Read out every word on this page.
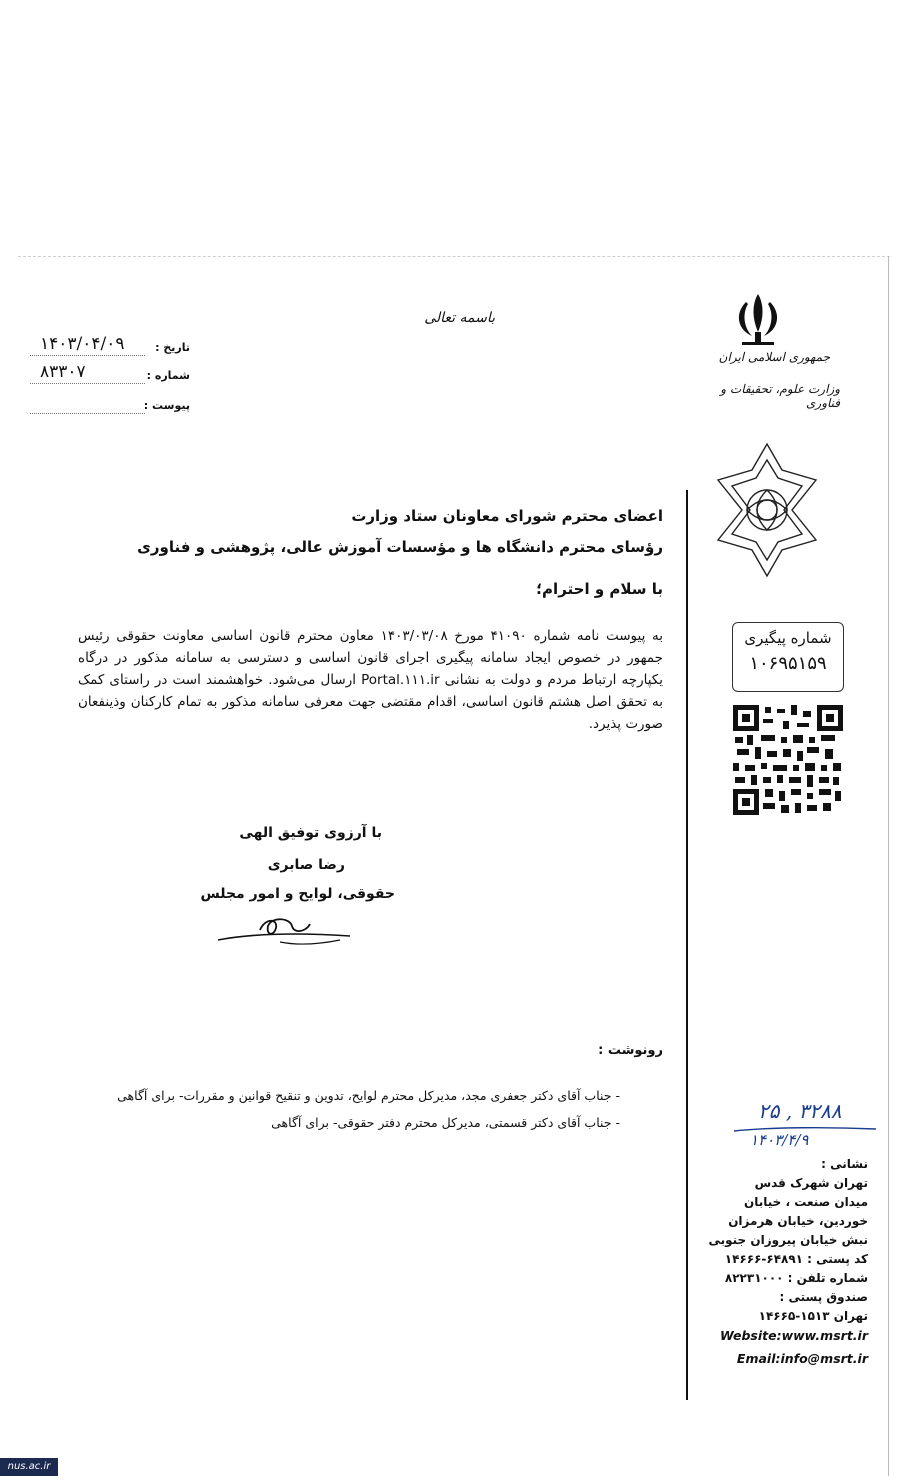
باسمه تعالی
جمهوری اسلامی ایران
وزارت علوم، تحقیقات و فناوری
تاریخ :
۱۴۰۳/۰۴/۰۹
شماره :
۸۳۳۰۷
پیوست :
شماره پیگیری
۱۰۶۹۵۱۵۹
اعضای محترم شورای معاونان ستاد وزارت
رؤسای محترم دانشگاه ها و مؤسسات آموزش عالی، پژوهشی و فناوری
با سلام و احترام؛
به پیوست نامه شماره ۴۱۰۹۰ مورخ ۱۴۰۳/۰۳/۰۸ معاون محترم قانون اساسی معاونت حقوقی رئیس جمهور در خصوص ایجاد سامانه پیگیری اجرای قانون اساسی و دسترسی به سامانه مذکور در درگاه یکپارچه ارتباط مردم و دولت به نشانی Portal.۱۱۱.ir ارسال می‌شود. خواهشمند است در راستای کمک به تحقق اصل هشتم قانون اساسی، اقدام مقتضی جهت معرفی سامانه مذکور به تمام کارکنان وذینفعان صورت پذیرد.
با آرزوی توفیق الهی
رضا صابری
حقوقی، لوایح و امور مجلس
رونوشت :
- جناب آقای دکتر جعفری مجد، مدیرکل محترم لوایح، تدوین و تنقیح قوانین و مقررات- برای آگاهی
- جناب آقای دکتر قسمتی، مدیرکل محترم دفتر حقوقی- برای آگاهی	۲۵ , ۳۲۸۸
۱۴۰۳/۴/۹
نشانی :
تهران شهرک قدس
میدان صنعت ، خیابان
خوردین، خیابان هرمزان
نبش خیابان پیروزان جنوبی
کد پستی : ۶۴۸۹۱-۱۴۶۶۶
شماره تلفن : ۸۲۲۳۱۰۰۰
صندوق پستی :
تهران ۱۵۱۳-۱۴۶۶۵
Website:www.msrt.ir
Email:info@msrt.ir
nus.ac.ir
